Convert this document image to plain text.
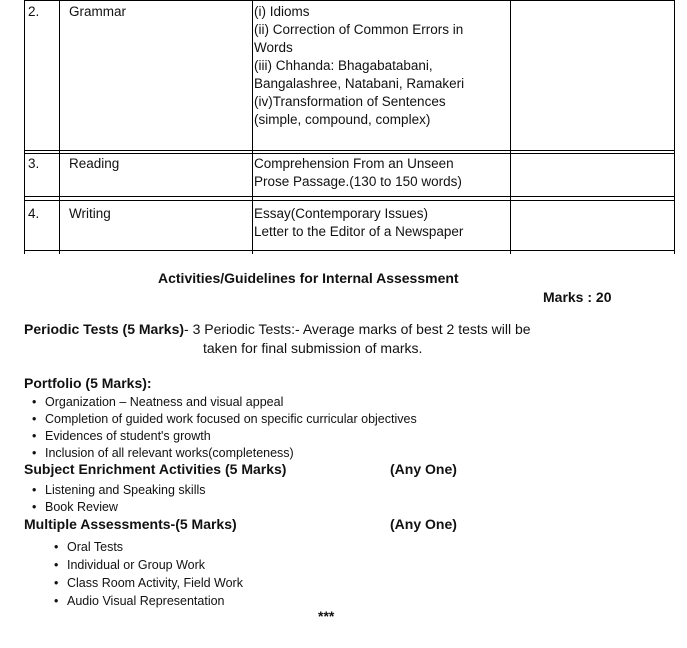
2. Grammar	(i) Idioms
(ii) Correction of Common Errors in
Words
(iii) Chhanda: Bhagabatabani,
Bangalashree, Natabani, Ramakeri
(iv)Transformation of Sentences
(simple, compound, complex)
3. Reading	Comprehension From an Unseen
Prose Passage.(130 to 150 words)
4. Writing	Essay(Contemporary Issues)
Letter to the Editor of a Newspaper
Activities/Guidelines for Internal Assessment
Marks : 20
Periodic Tests (5 Marks)- 3 Periodic Tests:- Average marks of best 2 tests will be
taken for final submission of marks.
Portfolio (5 Marks):
• Organization – Neatness and visual appeal
• Completion of guided work focused on specific curricular objectives
• Evidences of student's growth
• Inclusion of all relevant works(completeness)
Subject Enrichment Activities (5 Marks)	(Any One)
• Listening and Speaking skills
• Book Review
Multiple Assessments-(5 Marks)	(Any One)
• Oral Tests
• Individual or Group Work
• Class Room Activity, Field Work
• Audio Visual Representation
***
